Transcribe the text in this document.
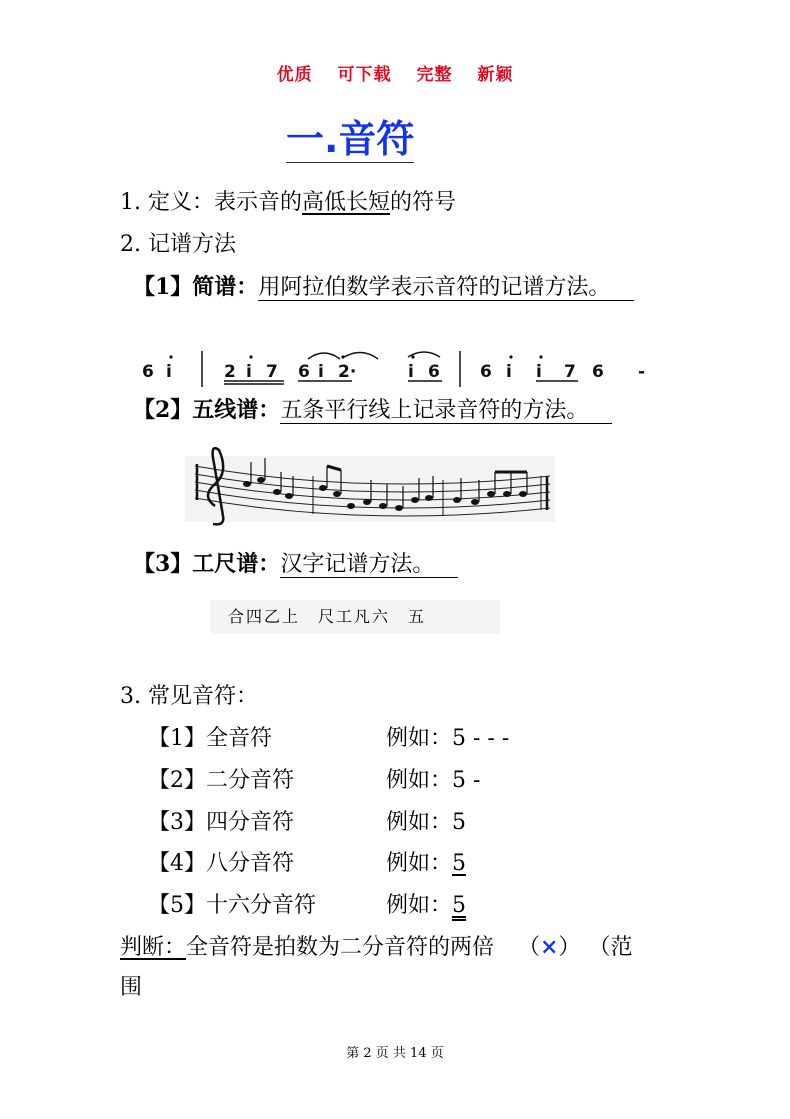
优质 可下载 完整 新颖
一.音符
1. 定义：表示音的高低长短的符号
2. 记谱方法
【1】简谱：用阿拉伯数学表示音符的记谱方法。
6 i	2 i 7 6 i 2·	i 6 6 i i 7 6 -
【2】五线谱：五条平行线上记录音符的方法。
【3】工尺谱：汉字记谱方法。
合四乙上　尺工凡六　五
3. 常见音符：
【1】全音符	例如：5 - - -
【2】二分音符	例如：5 -
【3】四分音符	例如：5
【4】八分音符	例如：5
【5】十六分音符	例如：5
判断：全音符是拍数为二分音符的两倍 （×） （范
围
第 2 页 共 14 页
